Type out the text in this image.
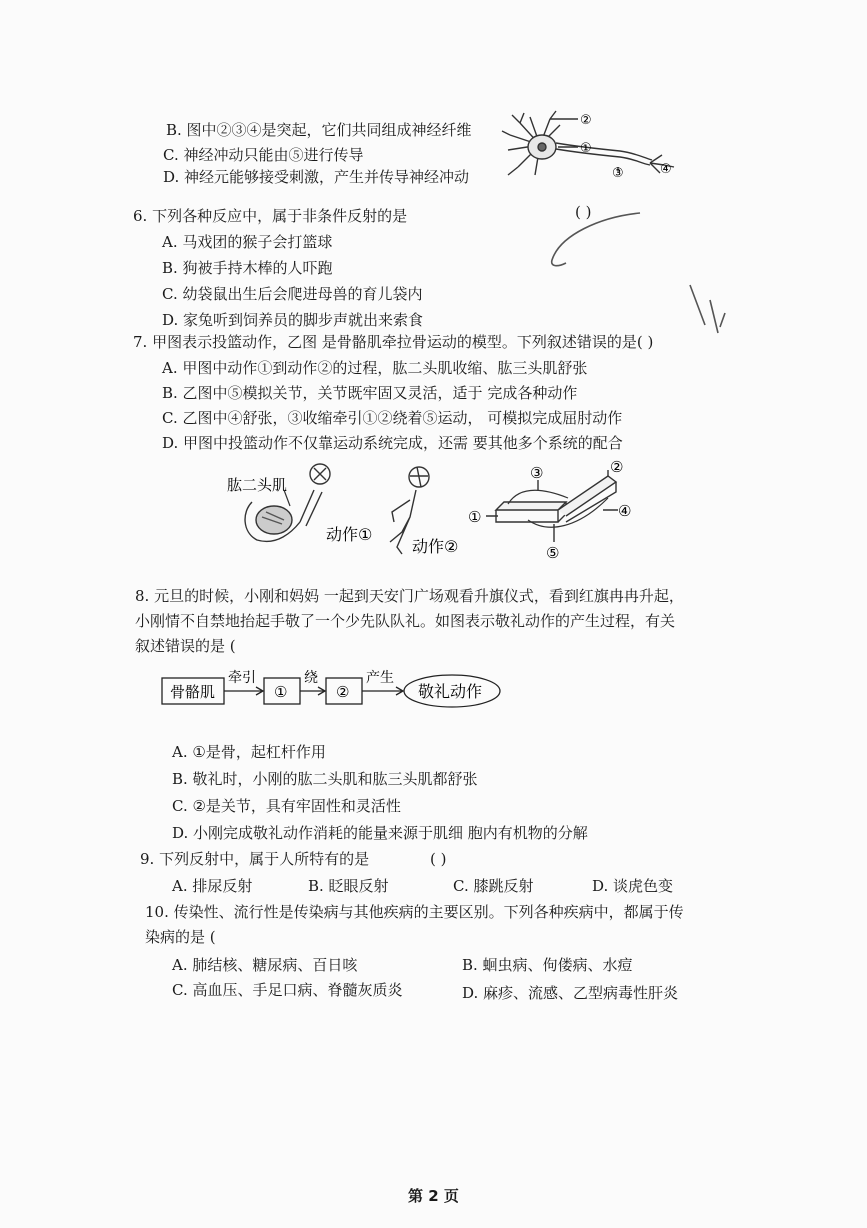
B. 图中②③④是突起，它们共同组成神经纤维
C. 神经冲动只能由⑤进行传导
D. 神经元能够接受刺激，产生并传导神经冲动
②
①
③	④
6. 下列各种反应中，属于非条件反射的是	( )
A. 马戏团的猴子会打篮球
B. 狗被手持木棒的人吓跑
C. 幼袋鼠出生后会爬进母兽的育儿袋内
D. 家兔听到饲养员的脚步声就出来索食
7. 甲图表示投篮动作，乙图 是骨骼肌牵拉骨运动的模型。下列叙述错误的是( )
A. 甲图中动作①到动作②的过程，肱二头肌收缩、肱三头肌舒张
B. 乙图中⑤模拟关节，关节既牢固又灵活，适于 完成各种动作
C. 乙图中④舒张，③收缩牵引①②绕着⑤运动， 可模拟完成屈肘动作
D. 甲图中投篮动作不仅靠运动系统完成，还需 要其他多个系统的配合
肱二头肌
动作①
动作②
③	②
①	④
⑤
8. 元旦的时候，小刚和妈妈 一起到天安门广场观看升旗仪式，看到红旗冉冉升起，
小刚情不自禁地抬起手敬了一个少先队队礼。如图表示敬礼动作的产生过程，有关
叙述错误的是 (
骨骼肌
牵引
①
绕
②
产生
敬礼动作
A. ①是骨，起杠杆作用
B. 敬礼时，小刚的肱二头肌和肱三头肌都舒张
C. ②是关节，具有牢固性和灵活性
D. 小刚完成敬礼动作消耗的能量来源于肌细 胞内有机物的分解
9. 下列反射中，属于人所特有的是	( )
A. 排尿反射	B. 眨眼反射	C. 膝跳反射	D. 谈虎色变
10. 传染性、流行性是传染病与其他疾病的主要区别。下列各种疾病中，都属于传
染病的是 (
A. 肺结核、糖尿病、百日咳	B. 蛔虫病、佝偻病、水痘
C. 高血压、手足口病、脊髓灰质炎	D. 麻疹、流感、乙型病毒性肝炎
第 2 页
